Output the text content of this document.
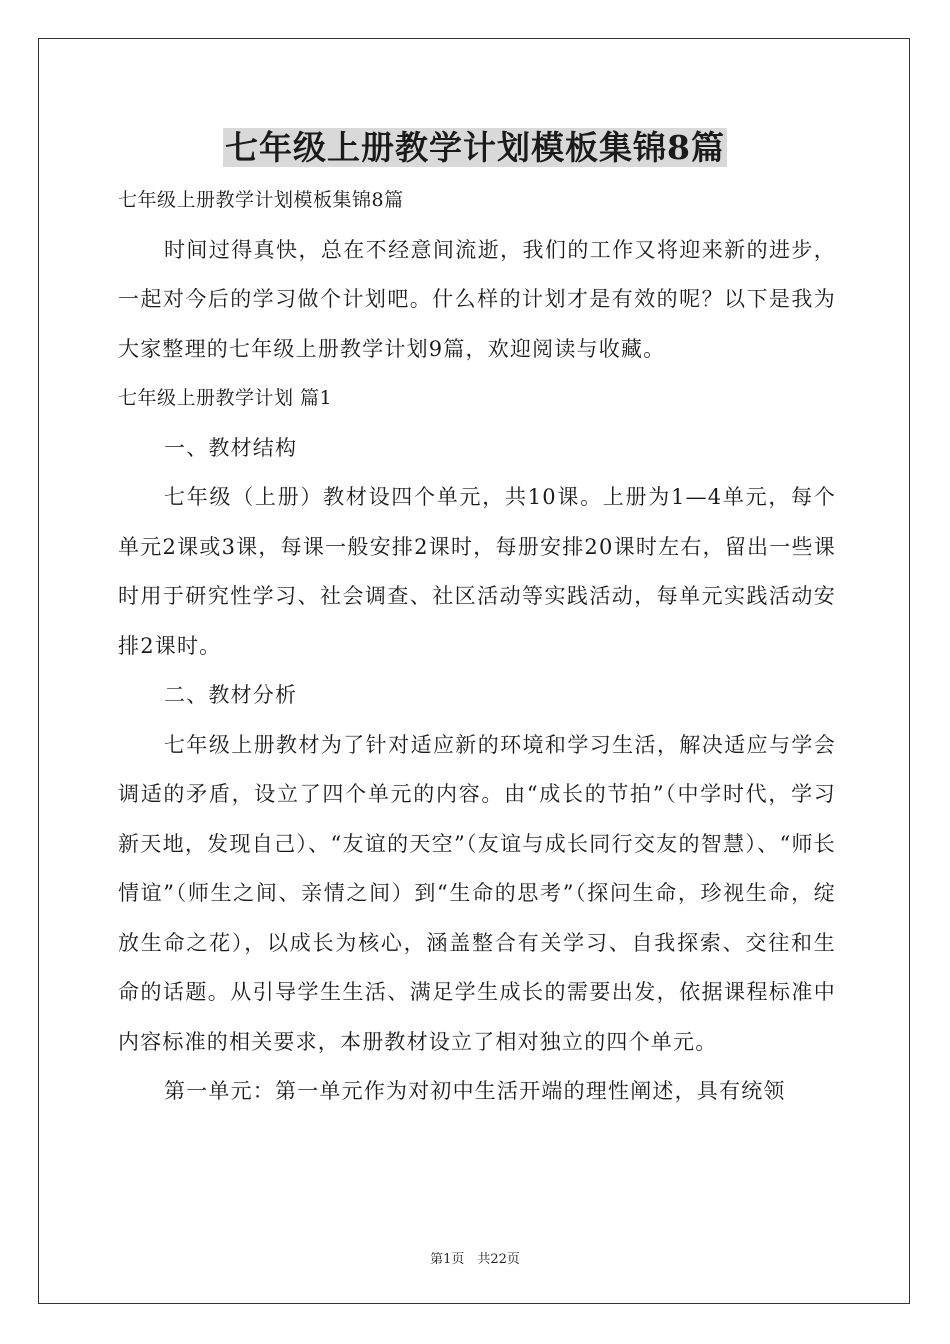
七年级上册教学计划模板集锦8篇

七年级上册教学计划模板集锦8篇

时间过得真快，总在不经意间流逝，我们的工作又将迎来新的进步，一起对今后的学习做个计划吧。什么样的计划才是有效的呢？以下是我为大家整理的七年级上册教学计划9篇，欢迎阅读与收藏。

七年级上册教学计划 篇1

一、教材结构

七年级（上册）教材设四个单元，共10课。上册为1—4单元，每个单元2课或3课，每课一般安排2课时，每册安排20课时左右，留出一些课时用于研究性学习、社会调查、社区活动等实践活动，每单元实践活动安排2课时。

二、教材分析

七年级上册教材为了针对适应新的环境和学习生活，解决适应与学会调适的矛盾，设立了四个单元的内容。由“成长的节拍”（中学时代，学习新天地，发现自己）、“友谊的天空”（友谊与成长同行交友的智慧）、“师长情谊”（师生之间、亲情之间）到“生命的思考”（探问生命，珍视生命，绽放生命之花），以成长为核心，涵盖整合有关学习、自我探索、交往和生命的话题。从引导学生生活、满足学生成长的需要出发，依据课程标准中内容标准的相关要求，本册教材设立了相对独立的四个单元。

第一单元：第一单元作为对初中生活开端的理性阐述，具有统领

第1页　共22页
